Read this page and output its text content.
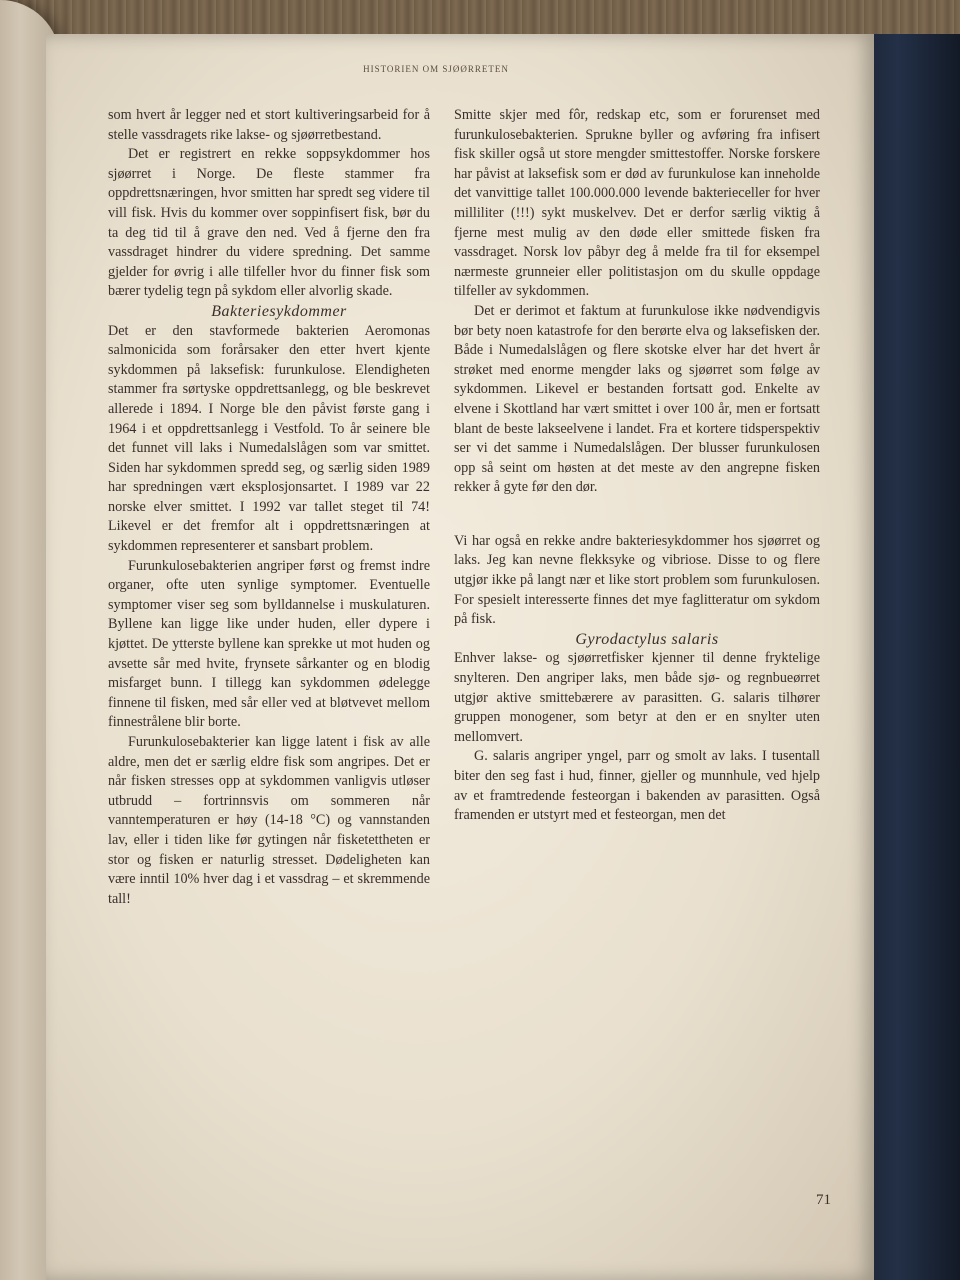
HISTORIEN OM SJØØRRETEN

som hvert år legger ned et stort kultiveringsarbeid for å stelle vassdragets rike lakse- og sjøørretbestand.

Det er registrert en rekke soppsykdommer hos sjøørret i Norge. De fleste stammer fra oppdrettsnæringen, hvor smitten har spredt seg videre til vill fisk. Hvis du kommer over soppinfisert fisk, bør du ta deg tid til å grave den ned. Ved å fjerne den fra vassdraget hindrer du videre spredning. Det samme gjelder for øvrig i alle tilfeller hvor du finner fisk som bærer tydelig tegn på sykdom eller alvorlig skade.

Bakteriesykdommer

Det er den stavformede bakterien Aeromonas salmonicida som forårsaker den etter hvert kjente sykdommen på laksefisk: furunkulose. Elendigheten stammer fra sørtyske oppdrettsanlegg, og ble beskrevet allerede i 1894. I Norge ble den påvist første gang i 1964 i et oppdrettsanlegg i Vestfold. To år seinere ble det funnet vill laks i Numedalslågen som var smittet. Siden har sykdommen spredd seg, og særlig siden 1989 har spredningen vært eksplosjonsartet. I 1989 var 22 norske elver smittet. I 1992 var tallet steget til 74! Likevel er det fremfor alt i oppdrettsnæringen at sykdommen representerer et sansbart problem.

Furunkulosebakterien angriper først og fremst indre organer, ofte uten synlige symptomer. Eventuelle symptomer viser seg som bylldannelse i muskulaturen. Byllene kan ligge like under huden, eller dypere i kjøttet. De ytterste byllene kan sprekke ut mot huden og avsette sår med hvite, frynsete sårkanter og en blodig misfarget bunn. I tillegg kan sykdommen ødelegge finnene til fisken, med sår eller ved at bløtvevet mellom finnestrålene blir borte.

Furunkulosebakterier kan ligge latent i fisk av alle aldre, men det er særlig eldre fisk som angripes. Det er når fisken stresses opp at sykdommen vanligvis utløser utbrudd – fortrinnsvis om sommeren når vanntemperaturen er høy (14-18 °C) og vannstanden lav, eller i tiden like før gytingen når fisketettheten er stor og fisken er naturlig stresset. Dødeligheten kan være inntil 10% hver dag i et vassdrag – et skremmende tall!

Smitte skjer med fôr, redskap etc, som er forurenset med furunkulosebakterien. Sprukne byller og avføring fra infisert fisk skiller også ut store mengder smittestoffer. Norske forskere har påvist at laksefisk som er død av furunkulose kan inneholde det vanvittige tallet 100.000.000 levende bakterieceller for hver milliliter (!!!) sykt muskelvev. Det er derfor særlig viktig å fjerne mest mulig av den døde eller smittede fisken fra vassdraget. Norsk lov påbyr deg å melde fra til for eksempel nærmeste grunneier eller politistasjon om du skulle oppdage tilfeller av sykdommen.

Det er derimot et faktum at furunkulose ikke nødvendigvis bør bety noen katastrofe for den berørte elva og laksefisken der. Både i Numedalslågen og flere skotske elver har det hvert år strøket med enorme mengder laks og sjøørret som følge av sykdommen. Likevel er bestanden fortsatt god. Enkelte av elvene i Skottland har vært smittet i over 100 år, men er fortsatt blant de beste lakseelvene i landet. Fra et kortere tidsperspektiv ser vi det samme i Numedalslågen. Der blusser furunkulosen opp så seint om høsten at det meste av den angrepne fisken rekker å gyte før den dør.

Vi har også en rekke andre bakteriesykdommer hos sjøørret og laks. Jeg kan nevne flekksyke og vibriose. Disse to og flere utgjør ikke på langt nær et like stort problem som furunkulosen. For spesielt interesserte finnes det mye faglitteratur om sykdom på fisk.

Gyrodactylus salaris

Enhver lakse- og sjøørretfisker kjenner til denne fryktelige snylteren. Den angriper laks, men både sjø- og regnbueørret utgjør aktive smittebærere av parasitten. G. salaris tilhører gruppen monogener, som betyr at den er en snylter uten mellomvert.

G. salaris angriper yngel, parr og smolt av laks. I tusentall biter den seg fast i hud, finner, gjeller og munnhule, ved hjelp av et framtredende festeorgan i bakenden av parasitten. Også framenden er utstyrt med et festeorgan, men det

71
